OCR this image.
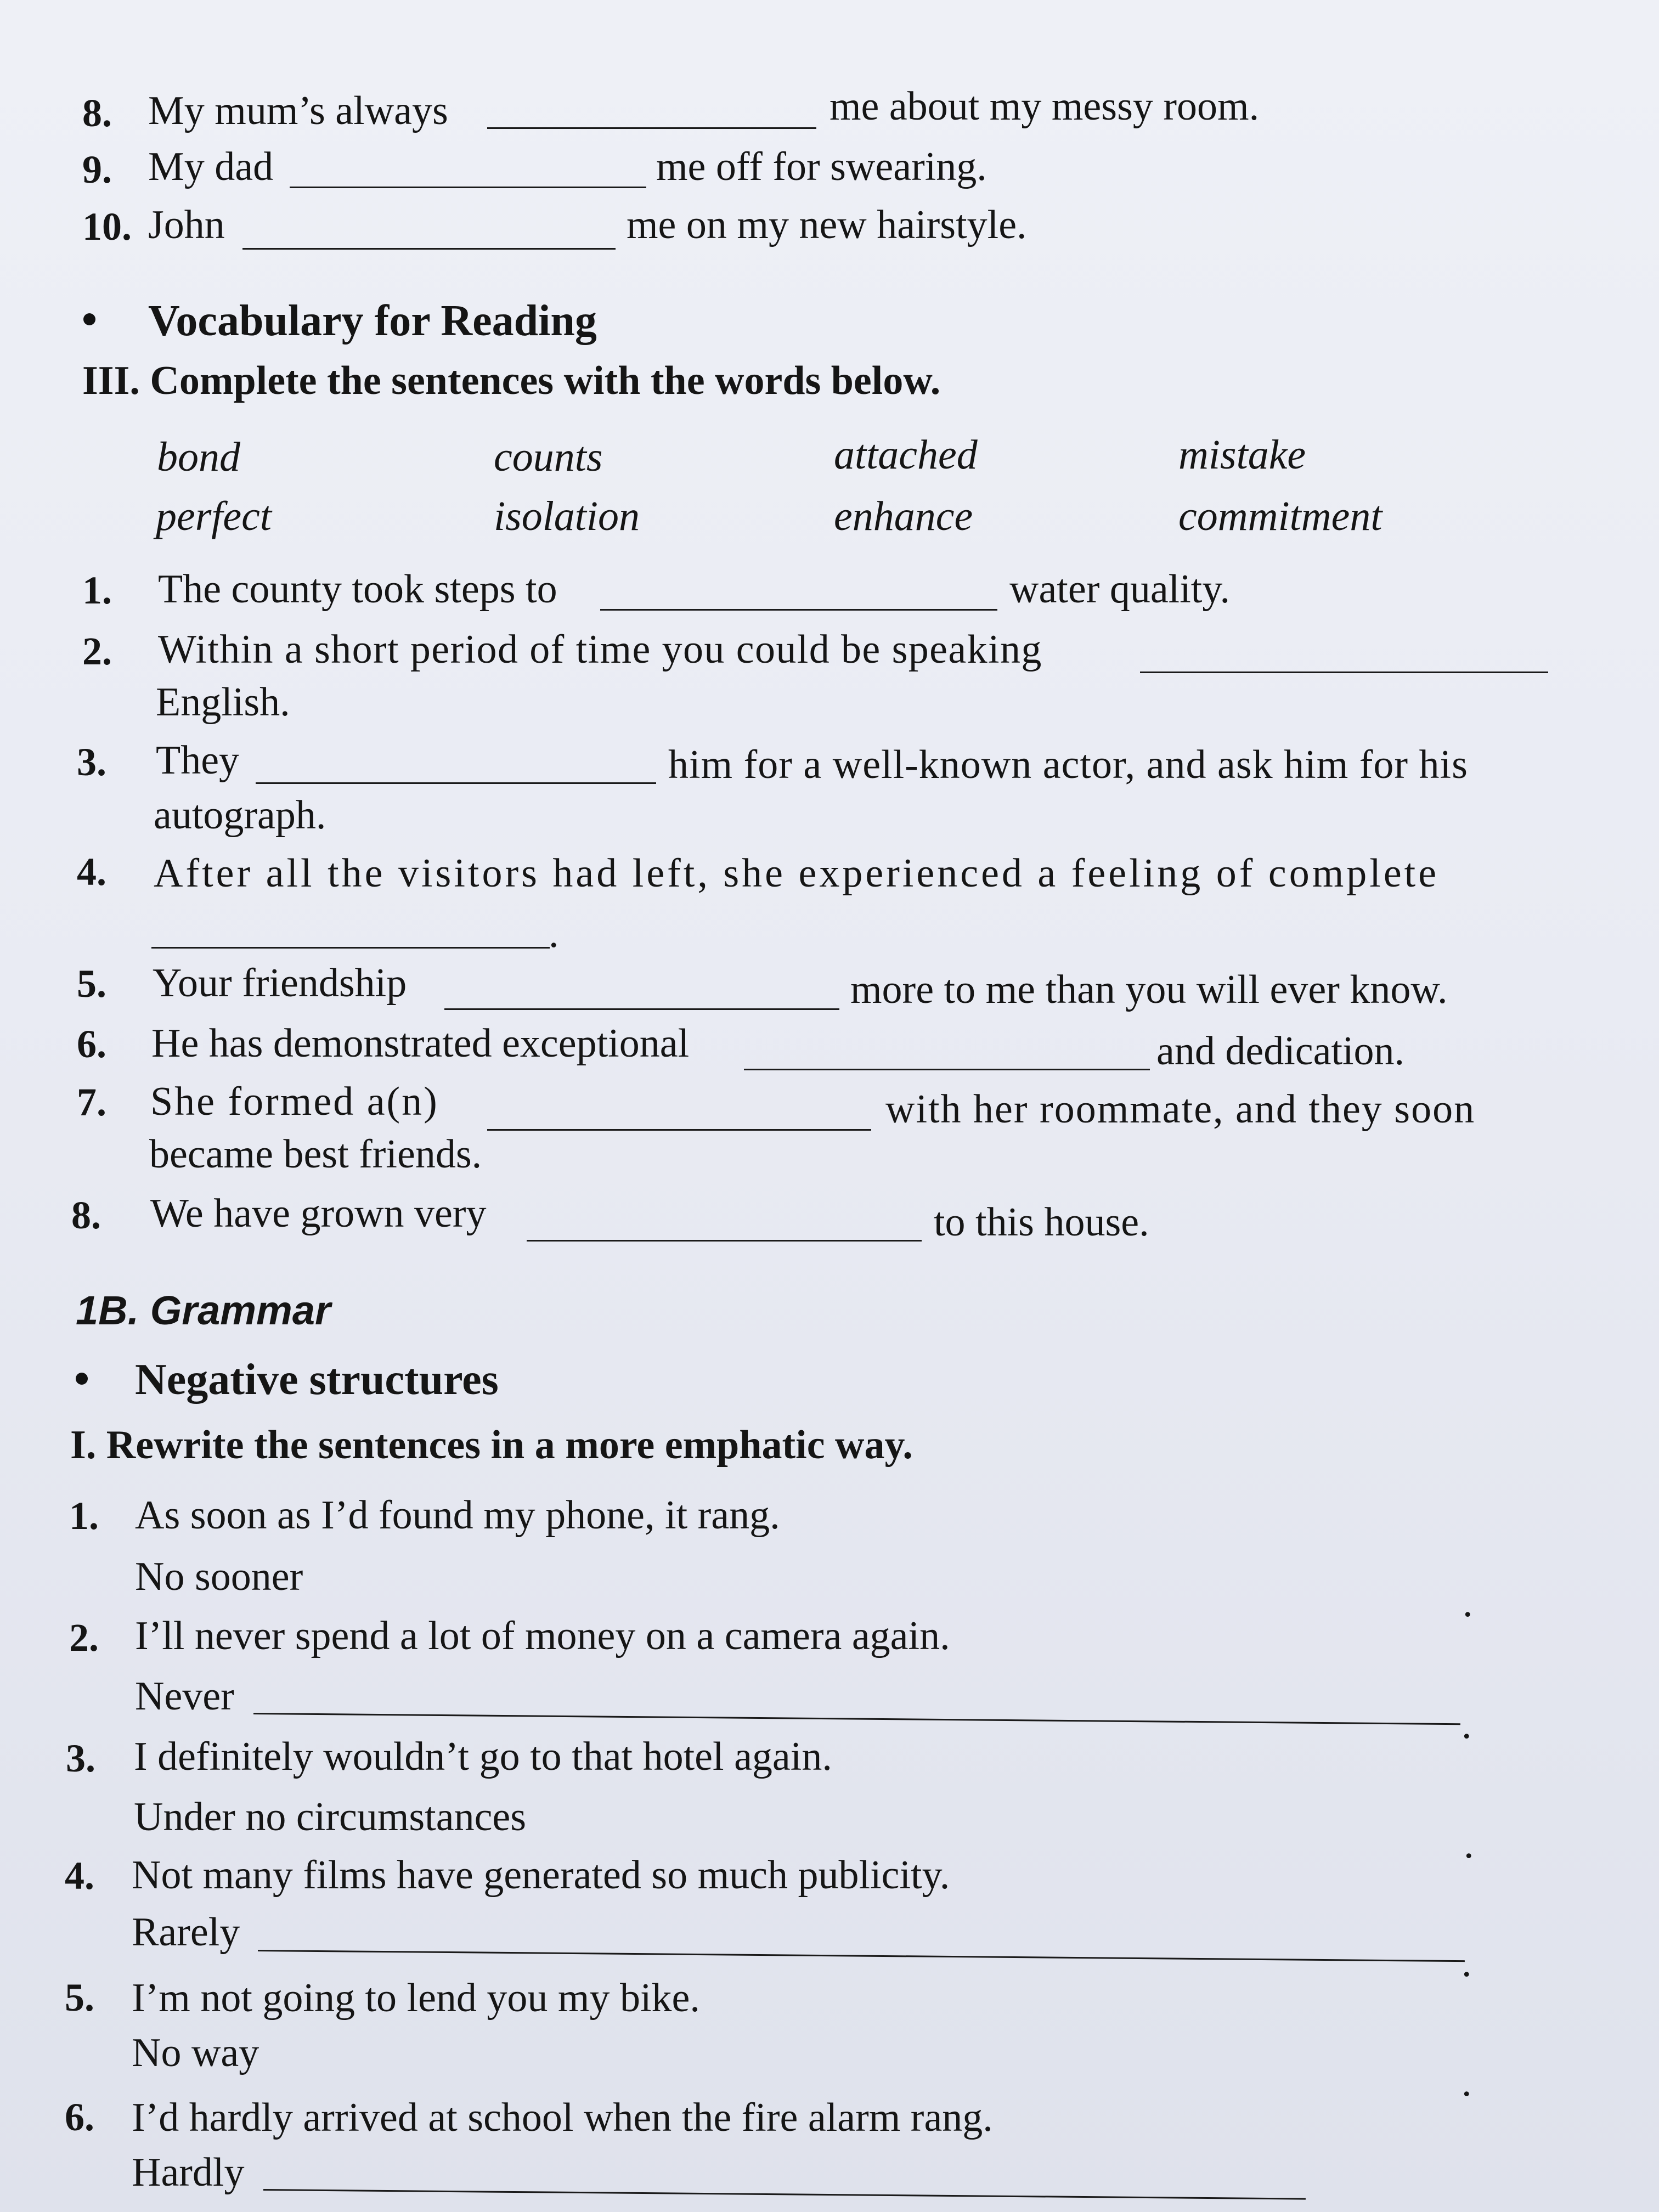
8. My mum’s always	me about my messy room.
9. My dad	me off for swearing.
10. John	me on my new hairstyle.
Vocabulary for Reading
III. Complete the sentences with the words below.
bond	counts	attached	mistake
perfect	isolation	enhance	commitment
1. The county took steps to	water quality.
2. Within a short period of time you could be speaking
English.
3. They	him for a well-known actor, and ask him for his
autograph.
4. After all the visitors had left, she experienced a feeling of complete
.
5. Your friendship	more to me than you will ever know.
6. He has demonstrated exceptional	and dedication.
7. She formed a(n)	with her roommate, and they soon
became best friends.
8. We have grown very	to this house.
1B. Grammar
Negative structures
I. Rewrite the sentences in a more emphatic way.
1. As soon as I’d found my phone, it rang.
No sooner
.
2. I’ll never spend a lot of money on a camera again.
Never
.
3. I definitely wouldn’t go to that hotel again.
Under no circumstances
.
4. Not many films have generated so much publicity.
Rarely
.
5. I’m not going to lend you my bike.
No way
.
6. I’d hardly arrived at school when the fire alarm rang.
Hardly
